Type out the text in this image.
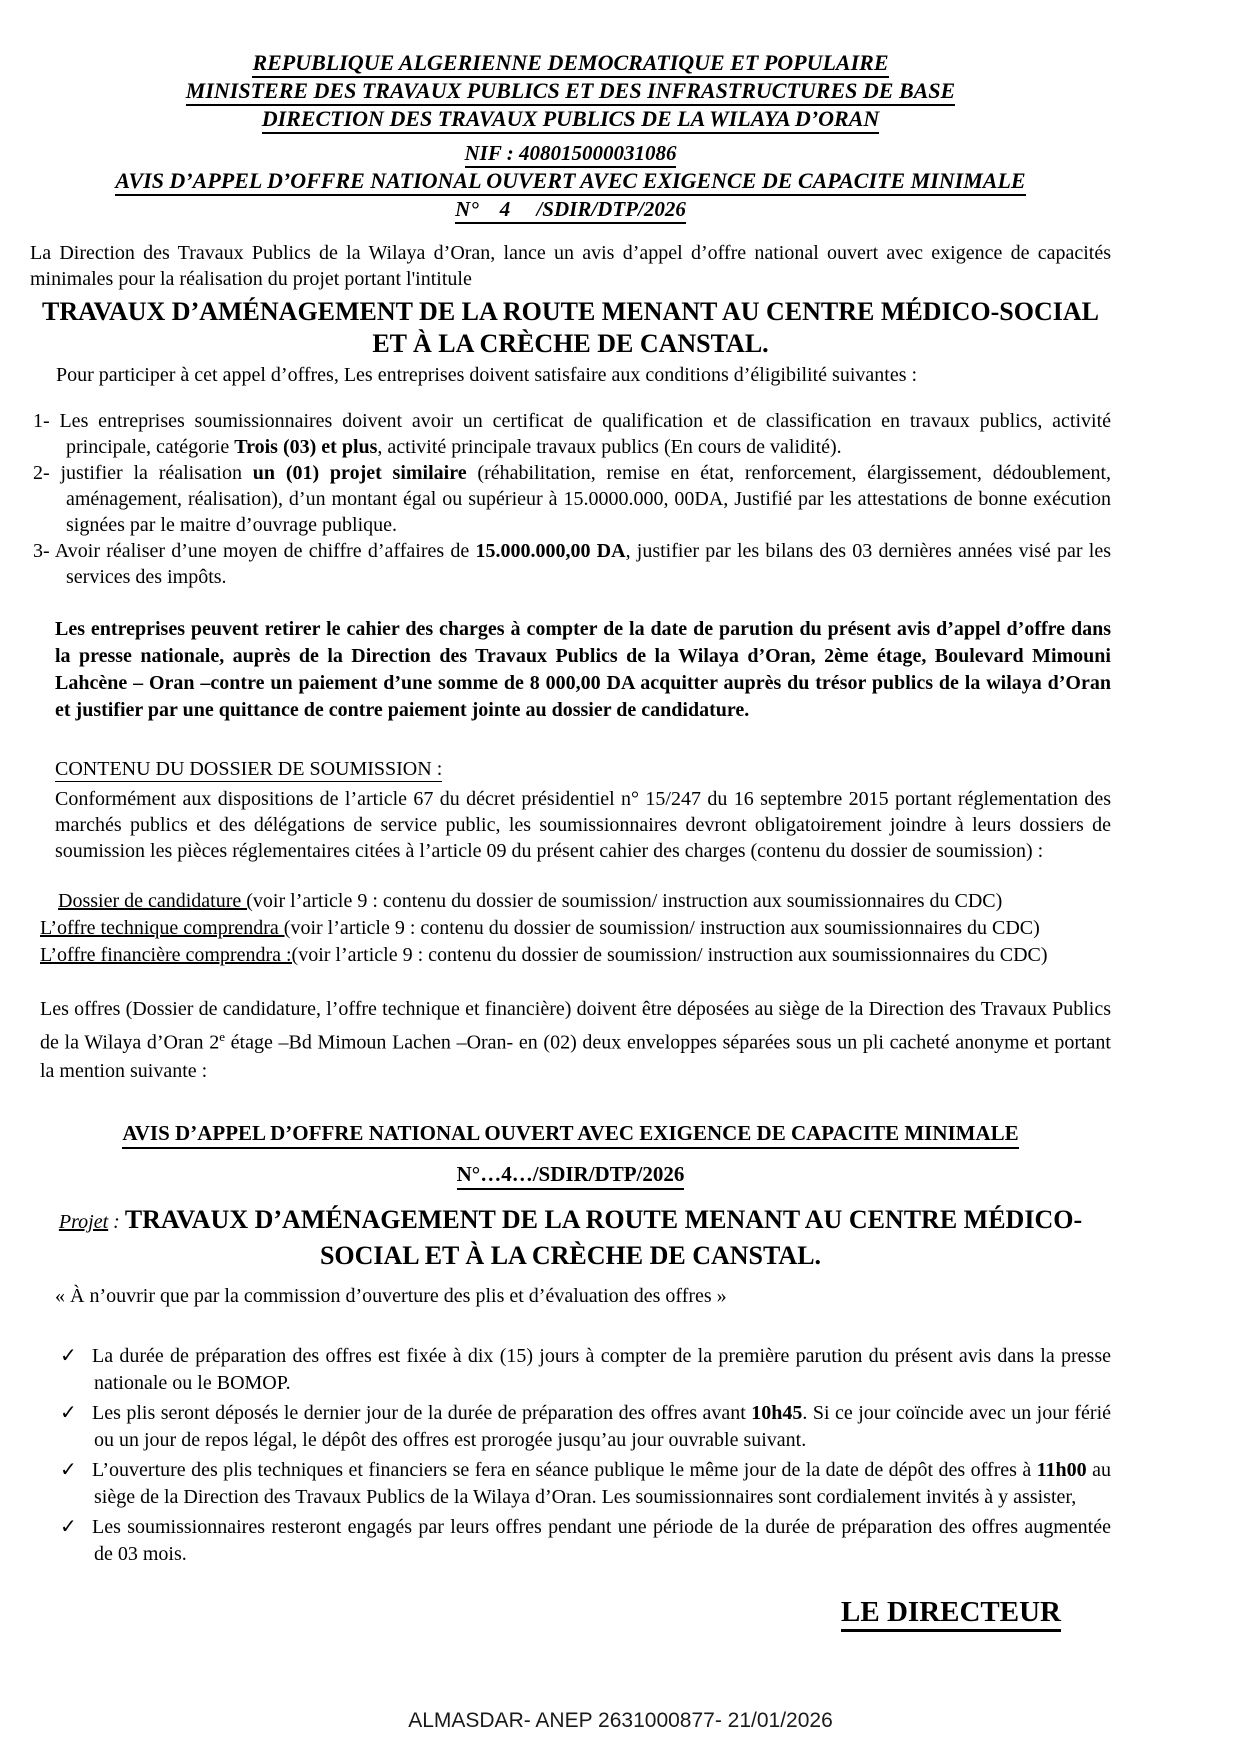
REPUBLIQUE ALGERIENNE DEMOCRATIQUE ET POPULAIRE

MINISTERE DES TRAVAUX PUBLICS ET DES INFRASTRUCTURES DE BASE

DIRECTION DES TRAVAUX PUBLICS DE LA WILAYA D’ORAN

NIF : 408015000031086

AVIS D’APPEL D’OFFRE NATIONAL OUVERT AVEC EXIGENCE DE CAPACITE MINIMALE

N°    4     /SDIR/DTP/2026

La Direction des Travaux Publics de la Wilaya d’Oran, lance un avis d’appel d’offre national ouvert avec exigence de capacités minimales pour la réalisation du projet portant l'intitule

TRAVAUX D’AMÉNAGEMENT DE LA ROUTE MENANT AU CENTRE MÉDICO-SOCIAL
ET À LA CRÈCHE DE CANSTAL.

Pour participer à cet appel d’offres, Les entreprises doivent satisfaire aux conditions d’éligibilité suivantes :

1- Les entreprises soumissionnaires doivent avoir un certificat de qualification et de classification en travaux publics, activité principale, catégorie Trois (03) et plus, activité principale travaux publics (En cours de validité).

2- justifier la réalisation un (01) projet similaire (réhabilitation, remise en état, renforcement, élargissement, dédoublement, aménagement, réalisation), d’un montant égal ou supérieur à 15.0000.000, 00DA, Justifié par les attestations de bonne exécution signées par le maitre d’ouvrage publique.

3- Avoir réaliser d’une moyen de chiffre d’affaires de 15.000.000,00 DA, justifier par les bilans des 03 dernières années visé par les services des impôts.

Les entreprises peuvent retirer le cahier des charges à compter de la date de parution du présent avis d’appel d’offre dans la presse nationale, auprès de la Direction des Travaux Publics de la Wilaya d’Oran, 2ème étage, Boulevard Mimouni Lahcène – Oran –contre un paiement d’une somme de 8 000,00 DA acquitter auprès du trésor publics de la wilaya d’Oran et justifier par une quittance de contre paiement jointe au dossier de candidature.

CONTENU DU DOSSIER DE SOUMISSION :

Conformément aux dispositions de l’article 67 du décret présidentiel n° 15/247 du 16 septembre 2015 portant réglementation des marchés publics et des délégations de service public, les soumissionnaires devront obligatoirement joindre à leurs dossiers de soumission les pièces réglementaires citées à l’article 09 du présent cahier des charges (contenu du dossier de soumission) :

Dossier de candidature (voir l’article 9 : contenu du dossier de soumission/ instruction aux soumissionnaires du CDC)

L’offre technique comprendra (voir l’article 9 : contenu du dossier de soumission/ instruction aux soumissionnaires du CDC)

L’offre financière comprendra :(voir l’article 9 : contenu du dossier de soumission/ instruction aux soumissionnaires du CDC)

Les offres (Dossier de candidature, l’offre technique et financière) doivent être déposées au siège de la Direction des Travaux Publics de la Wilaya d’Oran 2e étage –Bd Mimoun Lachen –Oran- en (02) deux enveloppes séparées sous un pli cacheté anonyme et portant la mention suivante :

AVIS D’APPEL D’OFFRE NATIONAL OUVERT AVEC EXIGENCE DE CAPACITE MINIMALE

N°…4…/SDIR/DTP/2026

Projet : TRAVAUX D’AMÉNAGEMENT DE LA ROUTE MENANT AU CENTRE MÉDICO-
SOCIAL ET À LA CRÈCHE DE CANSTAL.

« À n’ouvrir que par la commission d’ouverture des plis et d’évaluation des offres »

✓ La durée de préparation des offres est fixée à dix (15) jours à compter de la première parution du présent avis dans la presse nationale ou le BOMOP.

✓ Les plis seront déposés le dernier jour de la durée de préparation des offres avant 10h45. Si ce jour coïncide avec un jour férié ou un jour de repos légal, le dépôt des offres est prorogée jusqu’au jour ouvrable suivant.

✓ L’ouverture des plis techniques et financiers se fera en séance publique le même jour de la date de dépôt des offres à 11h00 au siège de la Direction des Travaux Publics de la Wilaya d’Oran. Les soumissionnaires sont cordialement invités à y assister,

✓ Les soumissionnaires resteront engagés par leurs offres pendant une période de la durée de préparation des offres augmentée de 03 mois.

LE DIRECTEUR

ALMASDAR- ANEP 2631000877- 21/01/2026
